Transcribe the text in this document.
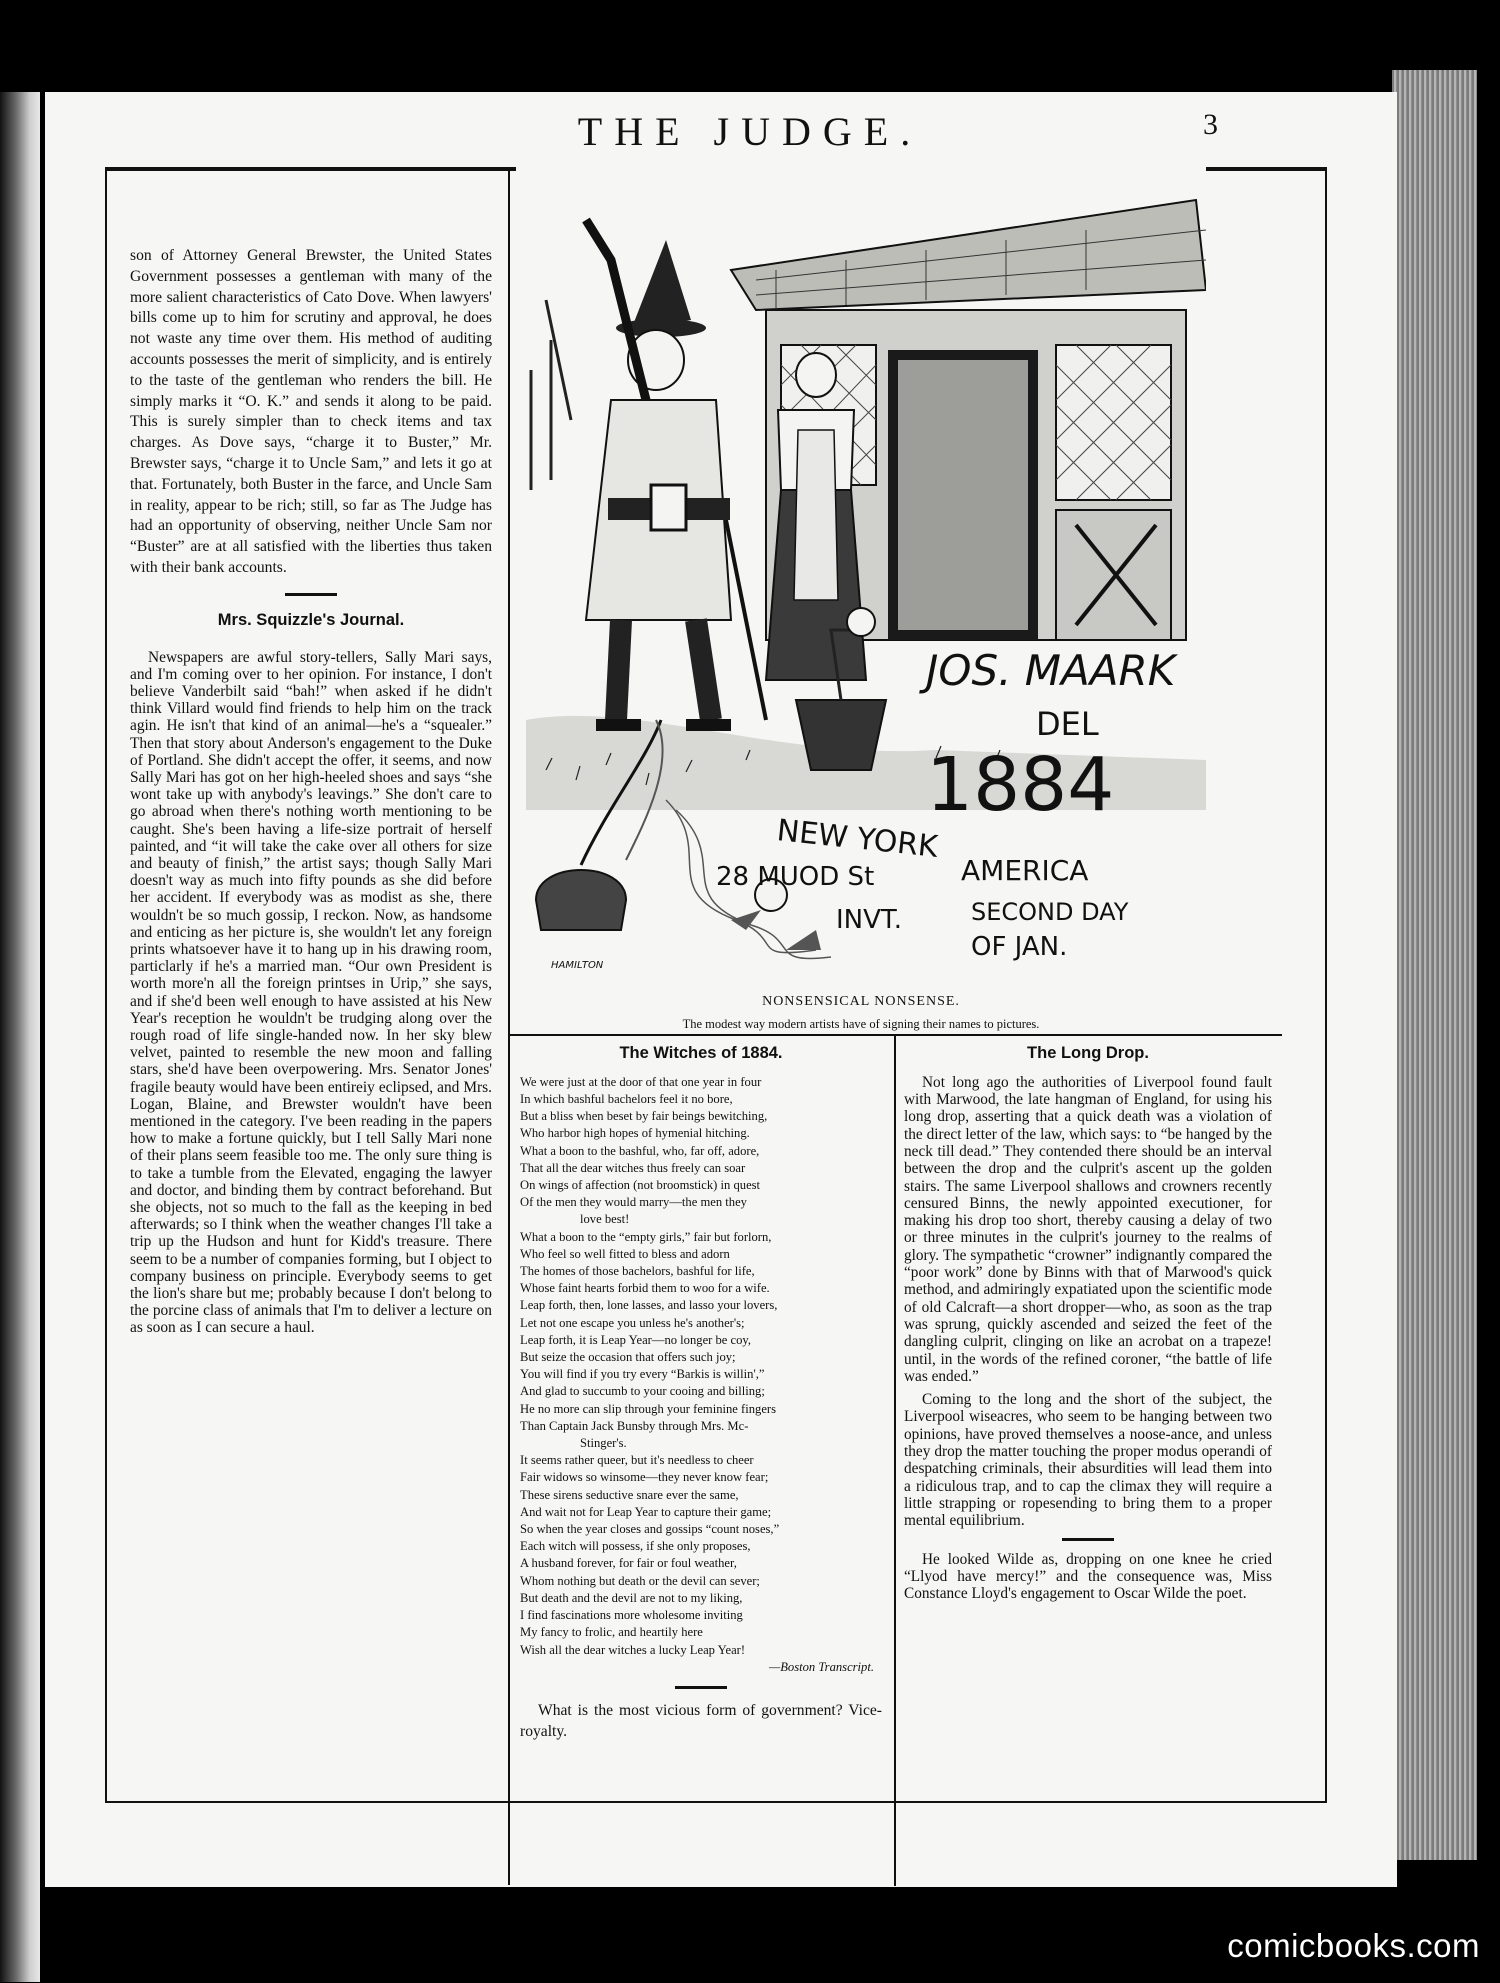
THE JUDGE.	3

son of Attorney General Brewster, the United States Government possesses a gentleman with many of the more salient characteristics of Cato Dove. When lawyers' bills come up to him for scrutiny and approval, he does not waste any time over them. His method of auditing accounts possesses the merit of simplicity, and is entirely to the taste of the gentleman who renders the bill. He simply marks it “O. K.” and sends it along to be paid. This is surely simpler than to check items and tax charges. As Dove says, “charge it to Buster,” Mr. Brewster says, “charge it to Uncle Sam,” and lets it go at that. Fortunately, both Buster in the farce, and Uncle Sam in reality, appear to be rich; still, so far as The Judge has had an opportunity of observing, neither Uncle Sam nor “Buster” are at all satisfied with the liberties thus taken with their bank accounts.

Mrs. Squizzle's Journal.

Newspapers are awful story-tellers, Sally Mari says, and I'm coming over to her opinion. For instance, I don't believe Vanderbilt said “bah!” when asked if he didn't think Villard would find friends to help him on the track agin. He isn't that kind of an animal—he's a “squealer.” Then that story about Anderson's engagement to the Duke of Portland. She didn't accept the offer, it seems, and now Sally Mari has got on her high-heeled shoes and says “she wont take up with anybody's leavings.” She don't care to go abroad when there's nothing worth mentioning to be caught. She's been having a life-size portrait of herself painted, and “it will take the cake over all others for size and beauty of finish,” the artist says; though Sally Mari doesn't way as much into fifty pounds as she did before her accident. If everybody was as modist as she, there wouldn't be so much gossip, I reckon. Now, as handsome and enticing as her picture is, she wouldn't let any foreign prints whatsoever have it to hang up in his drawing room, particlarly if he's a married man. “Our own President is worth more'n all the foreign printses in Urip,” she says, and if she'd been well enough to have assisted at his New Year's reception he wouldn't be trudging along over the rough road of life single-handed now. In her sky blew velvet, painted to resemble the new moon and falling stars, she'd have been overpowering. Mrs. Senator Jones' fragile beauty would have been entireiy eclipsed, and Mrs. Logan, Blaine, and Brewster wouldn't have been mentioned in the category. I've been reading in the papers how to make a fortune quickly, but I tell Sally Mari none of their plans seem feasible too me. The only sure thing is to take a tumble from the Elevated, engaging the lawyer and doctor, and binding them by contract beforehand. But she objects, not so much to the fall as the keeping in bed afterwards; so I think when the weather changes I'll take a trip up the Hudson and hunt for Kidd's treasure. There seem to be a number of companies forming, but I object to company business on principle. Everybody seems to get the lion's share but me; probably because I don't belong to the porcine class of animals that I'm to deliver a lecture on as soon as I can secure a haul.

JOS. MAARK
DEL
1884
NEW YORK
28 MUOD St	AMERICA
INVT.	SECOND DAY
OF JAN.
HAMILTON
NONSENSICAL NONSENSE.
The modest way modern artists have of signing their names to pictures.
The Witches of 1884.
We were just at the door of that one year in four
In which bashful bachelors feel it no bore,
But a bliss when beset by fair beings bewitching,
Who harbor high hopes of hymenial hitching.
What a boon to the bashful, who, far off, adore,
That all the dear witches thus freely can soar
On wings of affection (not broomstick) in quest
Of the men they would marry—the men they
love best!
What a boon to the “empty girls,” fair but forlorn,
Who feel so well fitted to bless and adorn
The homes of those bachelors, bashful for life,
Whose faint hearts forbid them to woo for a wife.
Leap forth, then, lone lasses, and lasso your lovers,
Let not one escape you unless he's another's;
Leap forth, it is Leap Year—no longer be coy,
But seize the occasion that offers such joy;
You will find if you try every “Barkis is willin',”
And glad to succumb to your cooing and billing;
He no more can slip through your feminine fingers
Than Captain Jack Bunsby through Mrs. Mc-
Stinger's.
It seems rather queer, but it's needless to cheer
Fair widows so winsome—they never know fear;
These sirens seductive snare ever the same,
And wait not for Leap Year to capture their game;
So when the year closes and gossips “count noses,”
Each witch will possess, if she only proposes,
A husband forever, for fair or foul weather,
Whom nothing but death or the devil can sever;
But death and the devil are not to my liking,
I find fascinations more wholesome inviting
My fancy to frolic, and heartily here
Wish all the dear witches a lucky Leap Year!
—Boston Transcript.

What is the most vicious form of government? Vice-royalty.

The Long Drop.

Not long ago the authorities of Liverpool found fault with Marwood, the late hangman of England, for using his long drop, asserting that a quick death was a violation of the direct letter of the law, which says: to “be hanged by the neck till dead.” They contended there should be an interval between the drop and the culprit's ascent up the golden stairs. The same Liverpool shallows and crowners recently censured Binns, the newly appointed executioner, for making his drop too short, thereby causing a delay of two or three minutes in the culprit's journey to the realms of glory. The sympathetic “crowner” indignantly compared the “poor work” done by Binns with that of Marwood's quick method, and admiringly expatiated upon the scientific mode of old Calcraft—a short dropper—who, as soon as the trap was sprung, quickly ascended and seized the feet of the dangling culprit, clinging on like an acrobat on a trapeze! until, in the words of the refined coroner, “the battle of life was ended.”

Coming to the long and the short of the subject, the Liverpool wiseacres, who seem to be hanging between two opinions, have proved themselves a noose-ance, and unless they drop the matter touching the proper modus operandi of despatching criminals, their absurdities will lead them into a ridiculous trap, and to cap the climax they will require a little strapping or ropesending to bring them to a proper mental equilibrium.

He looked Wilde as, dropping on one knee he cried “Llyod have mercy!” and the consequence was, Miss Constance Lloyd's engagement to Oscar Wilde the poet.

comicbooks.com
